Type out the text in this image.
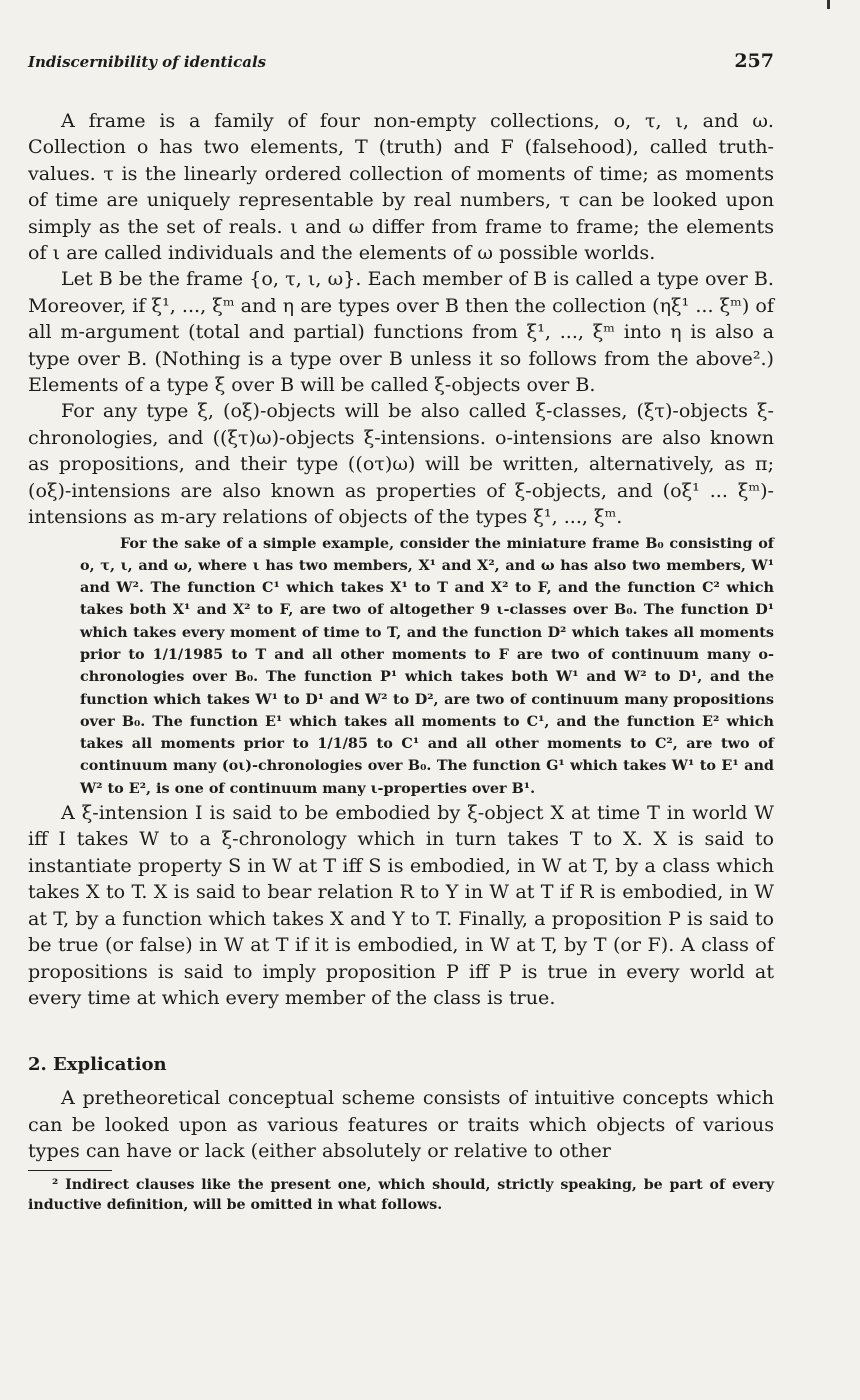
Indiscernibility of identicals	257

A frame is a family of four non-empty collections, o, τ, ι, and ω. Collection o has two elements, T (truth) and F (falsehood), called truth-values. τ is the linearly ordered collection of moments of time; as moments of time are uniquely representable by real numbers, τ can be looked upon simply as the set of reals. ι and ω differ from frame to frame; the elements of ι are called individuals and the elements of ω possible worlds.

Let B be the frame {o, τ, ι, ω}. Each member of B is called a type over B. Moreover, if ξ¹, ..., ξᵐ and η are types over B then the collection (ηξ¹ ... ξᵐ) of all m-argument (total and partial) functions from ξ¹, ..., ξᵐ into η is also a type over B. (Nothing is a type over B unless it so follows from the above².) Elements of a type ξ over B will be called ξ-objects over B.

For any type ξ, (oξ)-objects will be also called ξ-classes, (ξτ)-objects ξ-chronologies, and ((ξτ)ω)-objects ξ-intensions. o-intensions are also known as propositions, and their type ((oτ)ω) will be written, alternatively, as π; (oξ)-intensions are also known as properties of ξ-objects, and (oξ¹ ... ξᵐ)-intensions as m-ary relations of objects of the types ξ¹, ..., ξᵐ.

For the sake of a simple example, consider the miniature frame B₀ consisting of o, τ, ι, and ω, where ι has two members, X¹ and X², and ω has also two members, W¹ and W². The function C¹ which takes X¹ to T and X² to F, and the function C² which takes both X¹ and X² to F, are two of altogether 9 ι-classes over B₀. The function D¹ which takes every moment of time to T, and the function D² which takes all moments prior to 1/1/1985 to T and all other moments to F are two of continuum many o-chronologies over B₀. The function P¹ which takes both W¹ and W² to D¹, and the function which takes W¹ to D¹ and W² to D², are two of continuum many propositions over B₀. The function E¹ which takes all moments to C¹, and the function E² which takes all moments prior to 1/1/85 to C¹ and all other moments to C², are two of continuum many (oι)-chronologies over B₀. The function G¹ which takes W¹ to E¹ and W² to E², is one of continuum many ι-properties over B¹.

A ξ-intension I is said to be embodied by ξ-object X at time T in world W iff I takes W to a ξ-chronology which in turn takes T to X. X is said to instantiate property S in W at T iff S is embodied, in W at T, by a class which takes X to T. X is said to bear relation R to Y in W at T if R is embodied, in W at T, by a function which takes X and Y to T. Finally, a proposition P is said to be true (or false) in W at T if it is embodied, in W at T, by T (or F). A class of propositions is said to imply proposition P iff P is true in every world at every time at which every member of the class is true.

2. Explication

A pretheoretical conceptual scheme consists of intuitive concepts which can be looked upon as various features or traits which objects of various types can have or lack (either absolutely or relative to other

² Indirect clauses like the present one, which should, strictly speaking, be part of every inductive definition, will be omitted in what follows.
